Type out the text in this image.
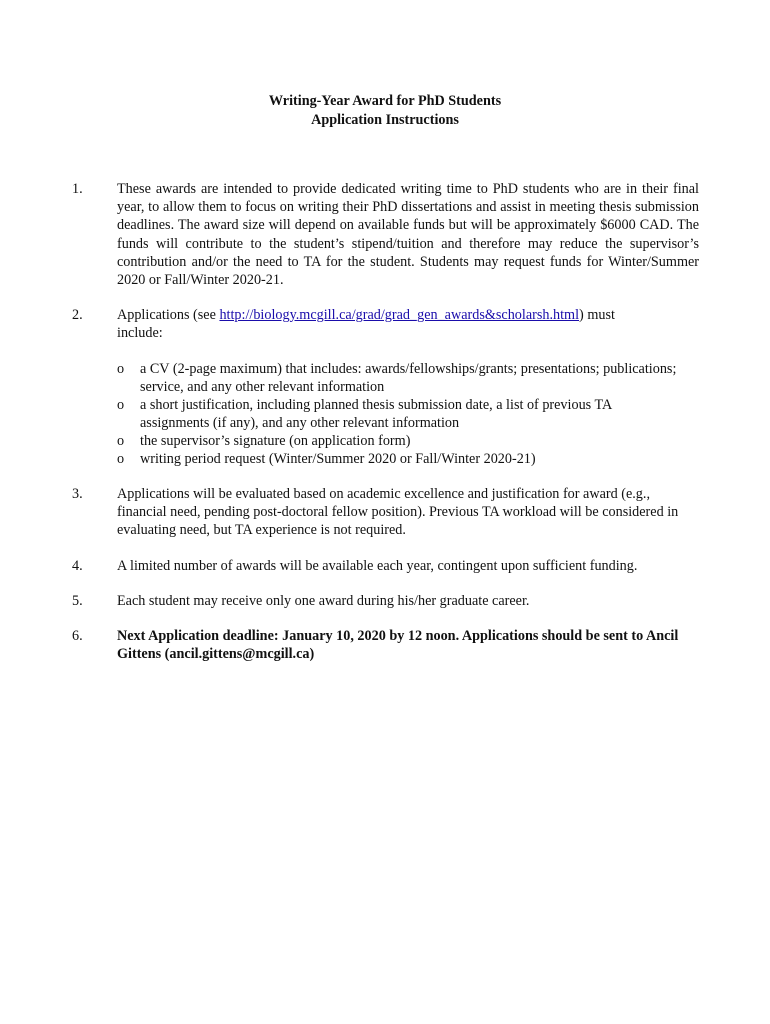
Writing-Year Award for PhD Students
Application Instructions
1. These awards are intended to provide dedicated writing time to PhD students who are in their final year, to allow them to focus on writing their PhD dissertations and assist in meeting thesis submission deadlines. The award size will depend on available funds but will be approximately $6000 CAD. The funds will contribute to the student’s stipend/tuition and therefore may reduce the supervisor’s contribution and/or the need to TA for the student. Students may request funds for Winter/Summer 2020 or Fall/Winter 2020-21.
2. Applications (see http://biology.mcgill.ca/grad/grad_gen_awards&scholarsh.html) must include:
o a CV (2-page maximum) that includes: awards/fellowships/grants; presentations; publications; service, and any other relevant information
o a short justification, including planned thesis submission date, a list of previous TA assignments (if any), and any other relevant information
o the supervisor’s signature (on application form)
o writing period request (Winter/Summer 2020 or Fall/Winter 2020-21)
3. Applications will be evaluated based on academic excellence and justification for award (e.g., financial need, pending post-doctoral fellow position). Previous TA workload will be considered in evaluating need, but TA experience is not required.
4. A limited number of awards will be available each year, contingent upon sufficient funding.
5. Each student may receive only one award during his/her graduate career.
6. Next Application deadline: January 10, 2020 by 12 noon. Applications should be sent to Ancil Gittens (ancil.gittens@mcgill.ca)
